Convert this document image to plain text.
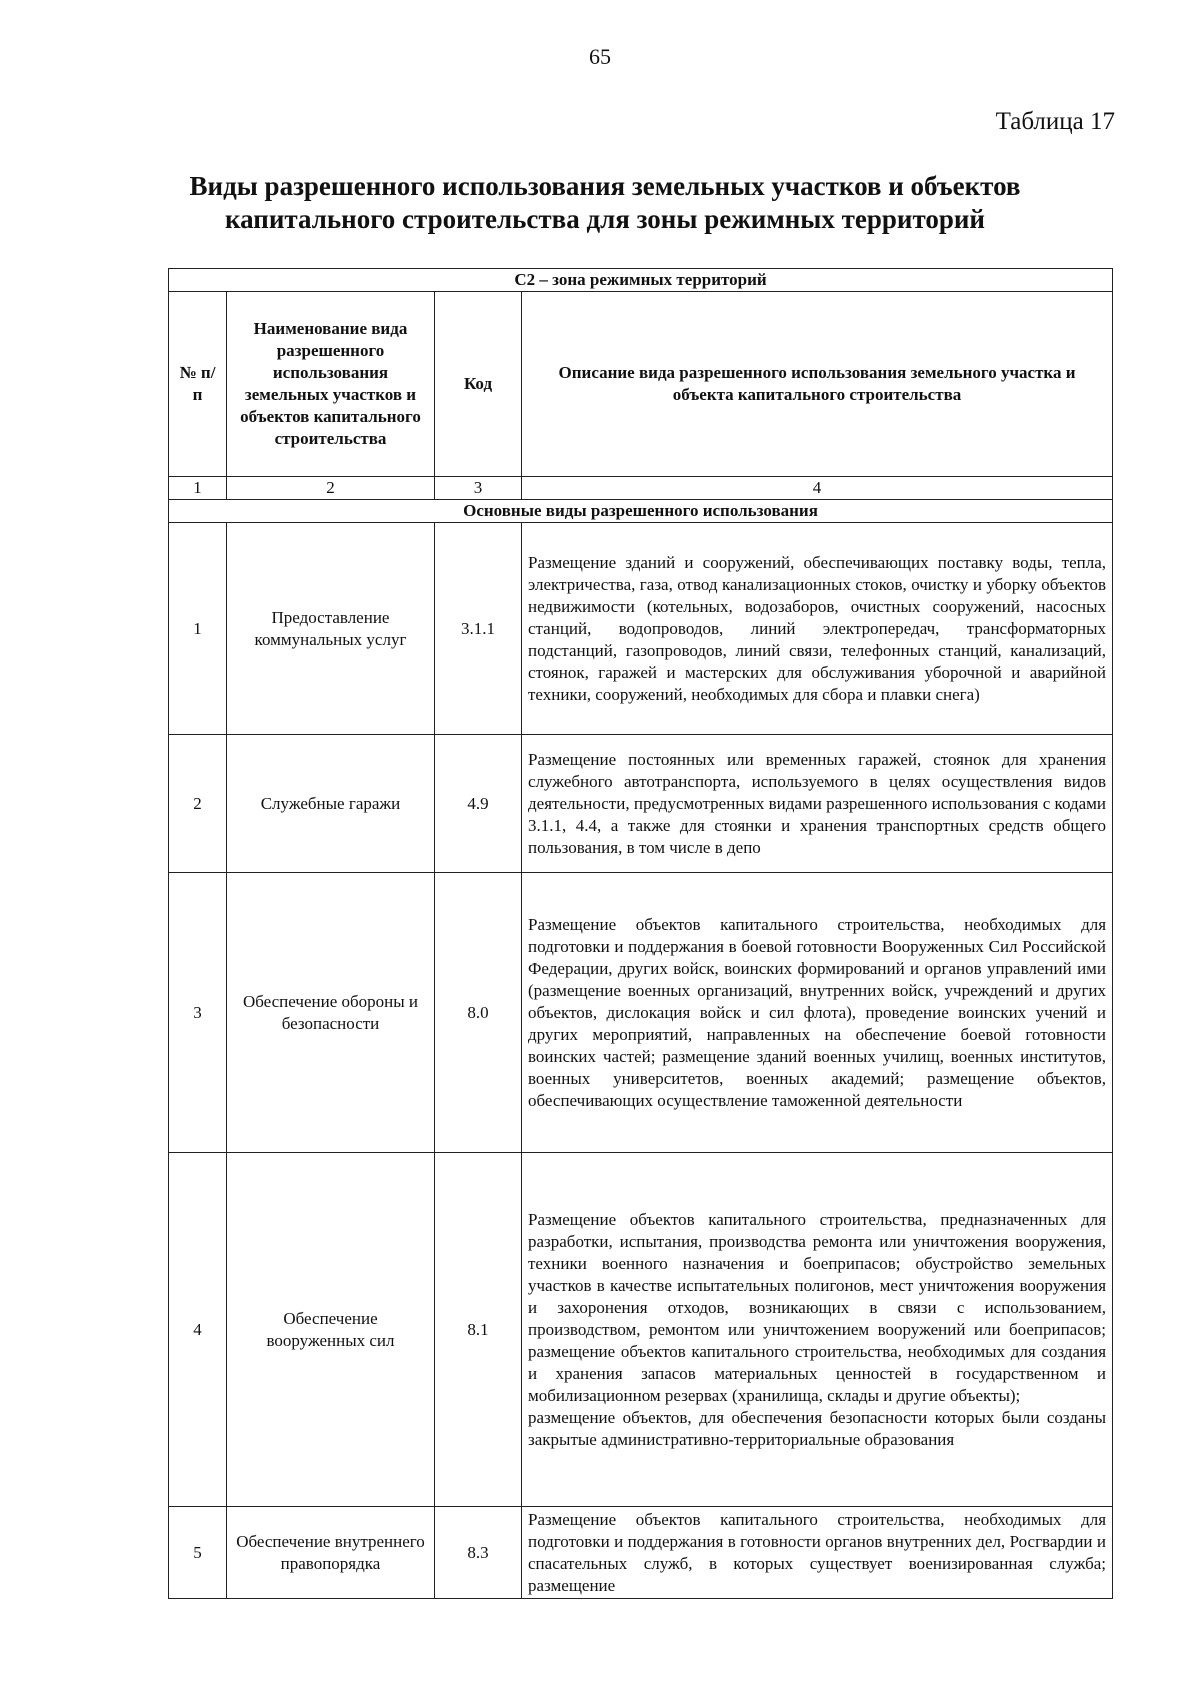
65
Таблица 17
Виды разрешенного использования земельных участков и объектов капитального строительства для зоны режимных территорий
С2 – зона режимных территорий			
№ п/п	Наименование вида разрешенного использования земельных участков и объектов капитального строительства	Код	Описание вида разрешенного использования земельного участка и объекта капитального строительства
1	2	3	4
Основные виды разрешенного использования			
1	Предоставление коммунальных услуг	3.1.1	Размещение зданий и сооружений, обеспечивающих поставку воды, тепла, электричества, газа, отвод канализационных стоков, очистку и уборку объектов недвижимости (котельных, водозаборов, очистных сооружений, насосных станций, водопроводов, линий электропередач, трансформаторных подстанций, газопроводов, линий связи, телефонных станций, канализаций, стоянок, гаражей и мастерских для обслуживания уборочной и аварийной техники, сооружений, необходимых для сбора и плавки снега)
2	Служебные гаражи	4.9	Размещение постоянных или временных гаражей, стоянок для хранения служебного автотранспорта, используемого в целях осуществления видов деятельности, предусмотренных видами разрешенного использования с кодами 3.1.1, 4.4, а также для стоянки и хранения транспортных средств общего пользования, в том числе в депо
3	Обеспечение обороны и безопасности	8.0	Размещение объектов капитального строительства, необходимых для подготовки и поддержания в боевой готовности Вооруженных Сил Российской Федерации, других войск, воинских формирований и органов управлений ими (размещение военных организаций, внутренних войск, учреждений и других объектов, дислокация войск и сил флота), проведение воинских учений и других мероприятий, направленных на обеспечение боевой готовности воинских частей; размещение зданий военных училищ, военных институтов, военных университетов, военных академий; размещение объектов, обеспечивающих осуществление таможенной деятельности
4	Обеспечение вооруженных сил	8.1	Размещение объектов капитального строительства, предназначенных для разработки, испытания, производства ремонта или уничтожения вооружения, техники военного назначения и боеприпасов; обустройство земельных участков в качестве испытательных полигонов, мест уничтожения вооружения и захоронения отходов, возникающих в связи с использованием, производством, ремонтом или уничтожением вооружений или боеприпасов; размещение объектов капитального строительства, необходимых для создания и хранения запасов материальных ценностей в государственном и мобилизационном резервах (хранилища, склады и другие объекты);
размещение объектов, для обеспечения безопасности которых были созданы закрытые административно-территориальные образования

5	Обеспечение внутреннего правопорядка	8.3	Размещение объектов капитального строительства, необходимых для подготовки и поддержания в готовности органов внутренних дел, Росгвардии и спасательных служб, в которых существует военизированная служба; размещение
